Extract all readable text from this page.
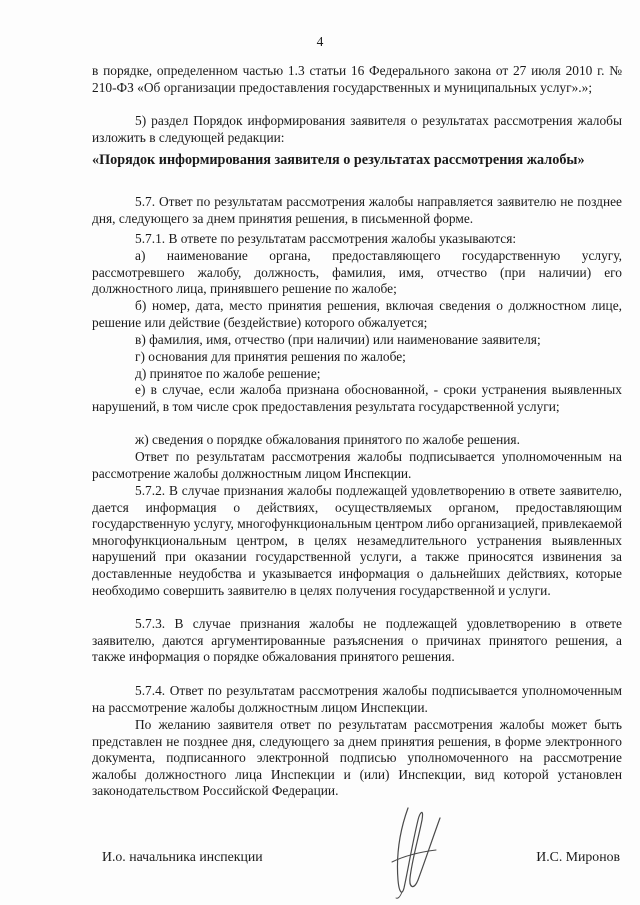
4

в порядке, определенном частью 1.3 статьи 16 Федерального закона от 27 июля 2010 г. № 210-ФЗ «Об организации предоставления государственных и муниципальных услуг».»;

5) раздел Порядок информирования заявителя о результатах рассмотрения жалобы изложить в следующей редакции:

«Порядок информирования заявителя о результатах рассмотрения жалобы»

5.7. Ответ по результатам рассмотрения жалобы направляется заявителю не позднее дня, следующего за днем принятия решения, в письменной форме.

5.7.1. В ответе по результатам рассмотрения жалобы указываются:

а) наименование органа, предоставляющего государственную услугу, рассмотревшего жалобу, должность, фамилия, имя, отчество (при наличии) его должностного лица, принявшего решение по жалобе;

б) номер, дата, место принятия решения, включая сведения о должностном лице, решение или действие (бездействие) которого обжалуется;

в) фамилия, имя, отчество (при наличии) или наименование заявителя;

г) основания для принятия решения по жалобе;

д) принятое по жалобе решение;

е) в случае, если жалоба признана обоснованной, - сроки устранения выявленных нарушений, в том числе срок предоставления результата государственной услуги;

ж) сведения о порядке обжалования принятого по жалобе решения.

Ответ по результатам рассмотрения жалобы подписывается уполномоченным на рассмотрение жалобы должностным лицом Инспекции.

5.7.2. В случае признания жалобы подлежащей удовлетворению в ответе заявителю, дается информация о действиях, осуществляемых органом, предоставляющим государственную услугу, многофункциональным центром либо организацией, привлекаемой многофункциональным центром, в целях незамедлительного устранения выявленных нарушений при оказании государственной услуги, а также приносятся извинения за доставленные неудобства и указывается информация о дальнейших действиях, которые необходимо совершить заявителю в целях получения государственной и услуги.

5.7.3. В случае признания жалобы не подлежащей удовлетворению в ответе заявителю, даются аргументированные разъяснения о причинах принятого решения, а также информация о порядке обжалования принятого решения.

5.7.4. Ответ по результатам рассмотрения жалобы подписывается уполномоченным на рассмотрение жалобы должностным лицом Инспекции.

По желанию заявителя ответ по результатам рассмотрения жалобы может быть представлен не позднее дня, следующего за днем принятия решения, в форме электронного документа, подписанного электронной подписью уполномоченного на рассмотрение жалобы должностного лица Инспекции и (или) Инспекции, вид которой установлен законодательством Российской Федерации.

И.о. начальника инспекции	И.С. Миронов
